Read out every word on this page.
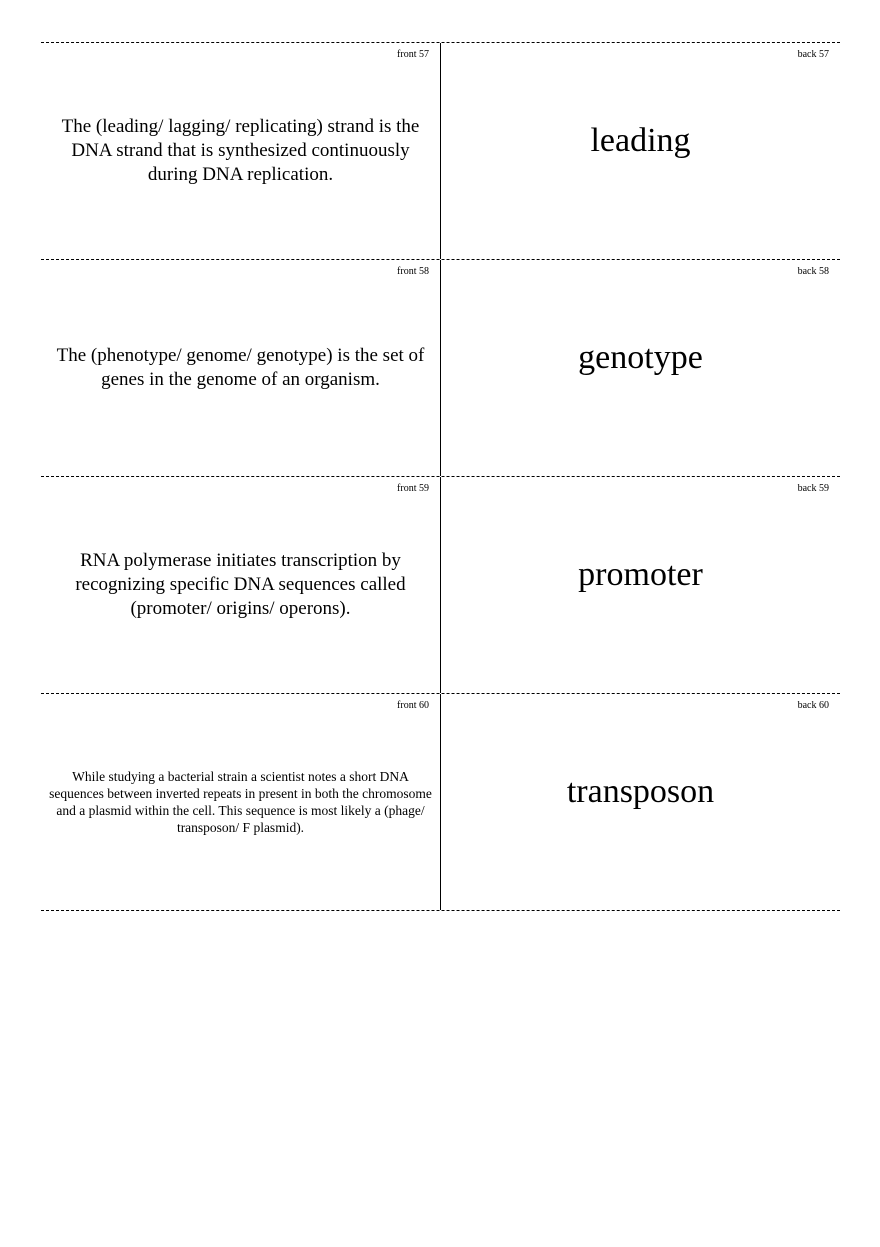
front 57
The (leading/ lagging/ replicating) strand is the DNA strand that is synthesized continuously during DNA replication.
back 57
leading
front 58
The (phenotype/ genome/ genotype) is the set of genes in the genome of an organism.
back 58
genotype
front 59
RNA polymerase initiates transcription by recognizing specific DNA sequences called (promoter/ origins/ operons).
back 59
promoter
front 60
While studying a bacterial strain a scientist notes a short DNA sequences between inverted repeats in present in both the chromosome and a plasmid within the cell. This sequence is most likely a (phage/ transposon/ F plasmid).
back 60
transposon
